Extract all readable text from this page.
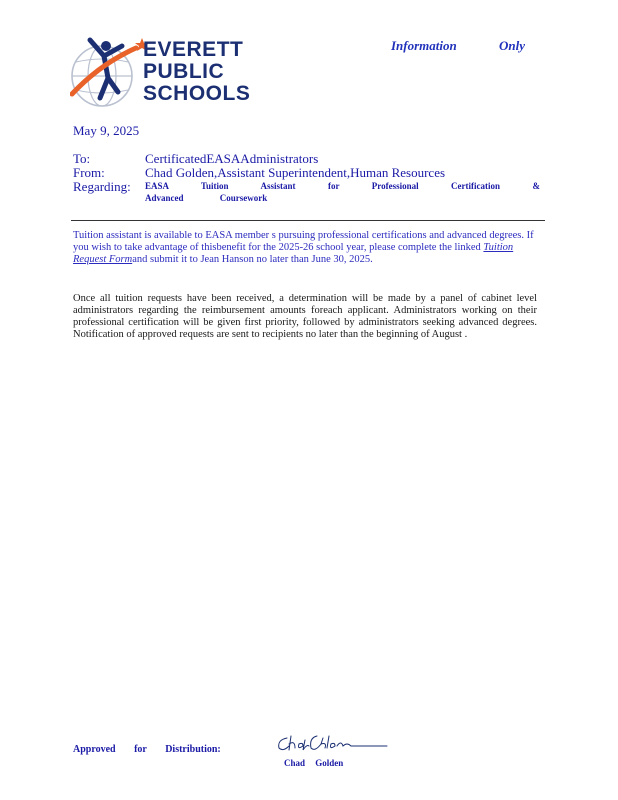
EVERETT
PUBLIC
SCHOOLS
Information	Only
May 9, 2025
To:	CertificatedEASAAdministrators
From:	Chad Golden,Assistant Superintendent,Human Resources
Regarding: EASA Tuition Assistant for Professional Certification &
Advanced Coursework
Tuition assistant is available to EASA member s pursuing professional certifications and advanced degrees. If you wish to take advantage of thisbenefit for the 2025-26 school year, please complete the linked Tuition Request Formand submit it to Jean Hanson no later than June 30, 2025.
Once all tuition requests have been received, a determination will be made by a panel of cabinet level administrators regarding the reimbursement amounts foreach applicant. Administrators working on their professional certification will be given first priority, followed by administrators seeking advanced degrees. Notification of approved requests are sent to recipients no later than the beginning of August .
Approved for Distribution:
Chad Golden
